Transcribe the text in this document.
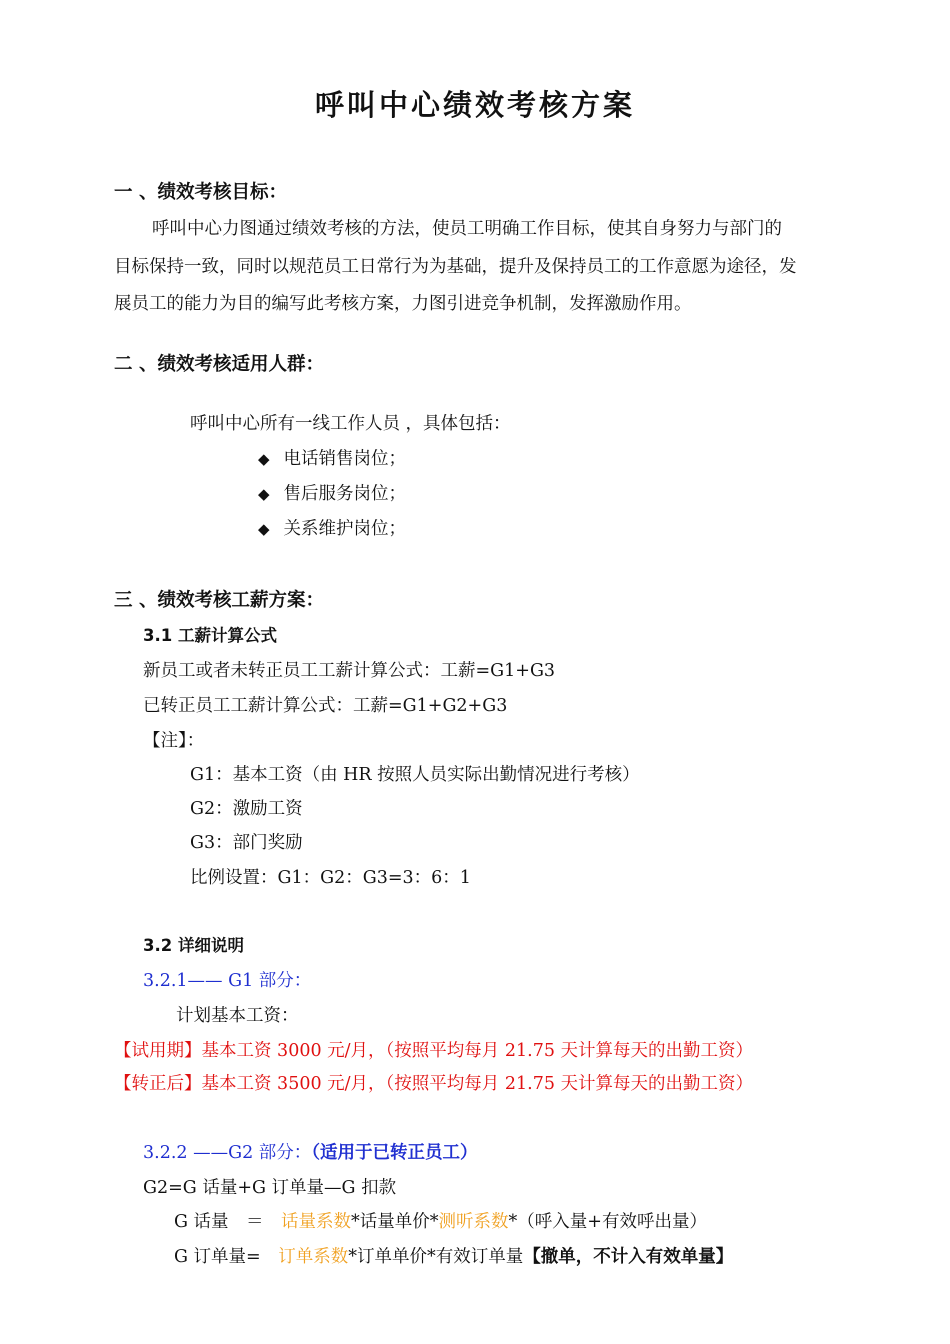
呼叫中心绩效考核方案
一 、绩效考核目标：
呼叫中心力图通过绩效考核的方法，使员工明确工作目标，使其自身努力与部门的
目标保持一致，同时以规范员工日常行为为基础，提升及保持员工的工作意愿为途径，发
展员工的能力为目的编写此考核方案，力图引进竞争机制，发挥激励作用。
二 、绩效考核适用人群：
呼叫中心所有一线工作人员 ，具体包括：
◆ 电话销售岗位；
◆ 售后服务岗位；
◆ 关系维护岗位；
三 、绩效考核工薪方案：
3.1 工薪计算公式
新员工或者未转正员工工薪计算公式：工薪=G1+G3
已转正员工工薪计算公式：工薪=G1+G2+G3
【注】：
G1：基本工资（由 HR 按照人员实际出勤情况进行考核）
G2：激励工资
G3：部门奖励
比例设置：G1：G2：G3=3：6：1
3.2 详细说明
3.2.1—— G1 部分：
计划基本工资：
【试用期】基本工资 3000 元/月，（按照平均每月 21.75 天计算每天的出勤工资）
【转正后】基本工资 3500 元/月，（按照平均每月 21.75 天计算每天的出勤工资）
3.2.2 ——G2 部分：（适用于已转正员工）
G2=G 话量+G 订单量—G 扣款
G 话量　＝　话量系数*话量单价*测听系数*（呼入量+有效呼出量）
G 订单量=　订单系数*订单单价*有效订单量【撤单，不计入有效单量】
